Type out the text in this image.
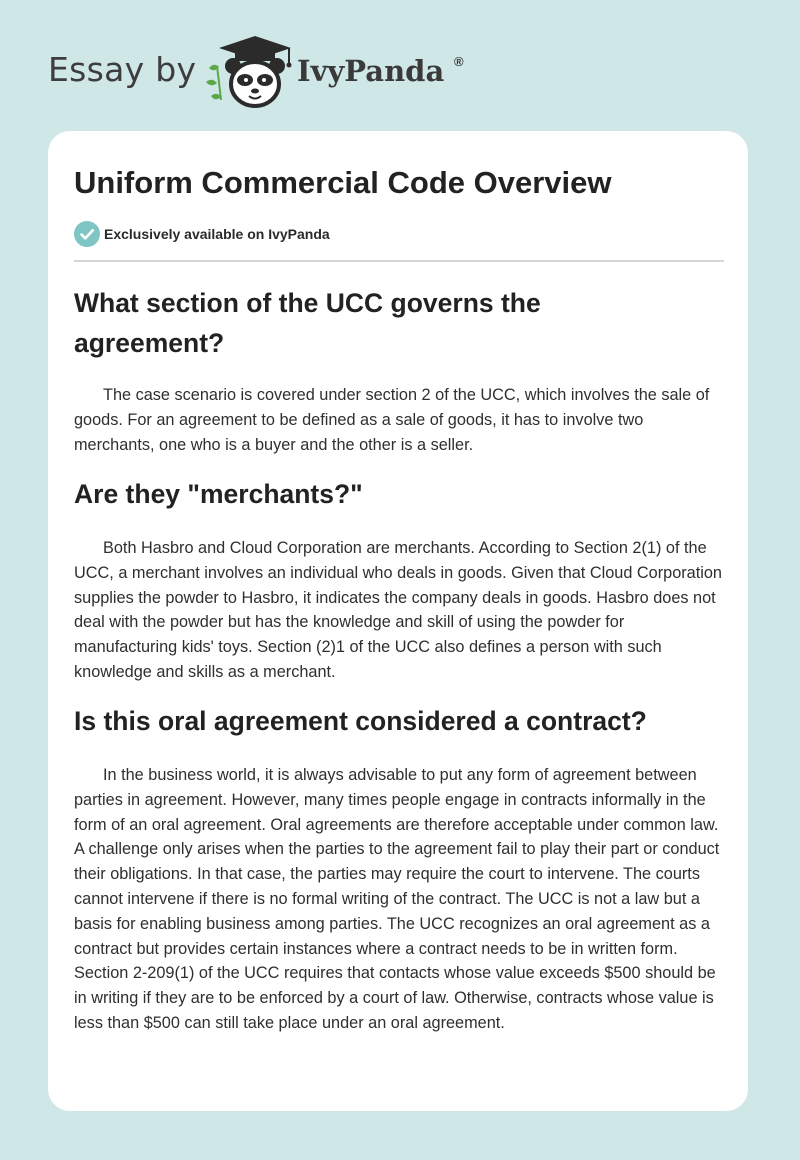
Essay by	IvyPanda ®
Uniform Commercial Code Overview
Exclusively available on IvyPanda
What section of the UCC governs the agreement?

The case scenario is covered under section 2 of the UCC, which involves the sale of goods. For an agreement to be defined as a sale of goods, it has to involve two merchants, one who is a buyer and the other is a seller.

Are they "merchants?"

Both Hasbro and Cloud Corporation are merchants. According to Section 2(1) of the UCC, a merchant involves an individual who deals in goods. Given that Cloud Corporation supplies the powder to Hasbro, it indicates the company deals in goods. Hasbro does not deal with the powder but has the knowledge and skill of using the powder for manufacturing kids' toys. Section (2)1 of the UCC also defines a person with such knowledge and skills as a merchant.

Is this oral agreement considered a contract?

In the business world, it is always advisable to put any form of agreement between parties in agreement. However, many times people engage in contracts informally in the form of an oral agreement. Oral agreements are therefore acceptable under common law. A challenge only arises when the parties to the agreement fail to play their part or conduct their obligations. In that case, the parties may require the court to intervene. The courts cannot intervene if there is no formal writing of the contract. The UCC is not a law but a basis for enabling business among parties. The UCC recognizes an oral agreement as a contract but provides certain instances where a contract needs to be in written form. Section 2-209(1) of the UCC requires that contacts whose value exceeds $500 should be in writing if they are to be enforced by a court of law. Otherwise, contracts whose value is less than $500 can still take place under an oral agreement.
